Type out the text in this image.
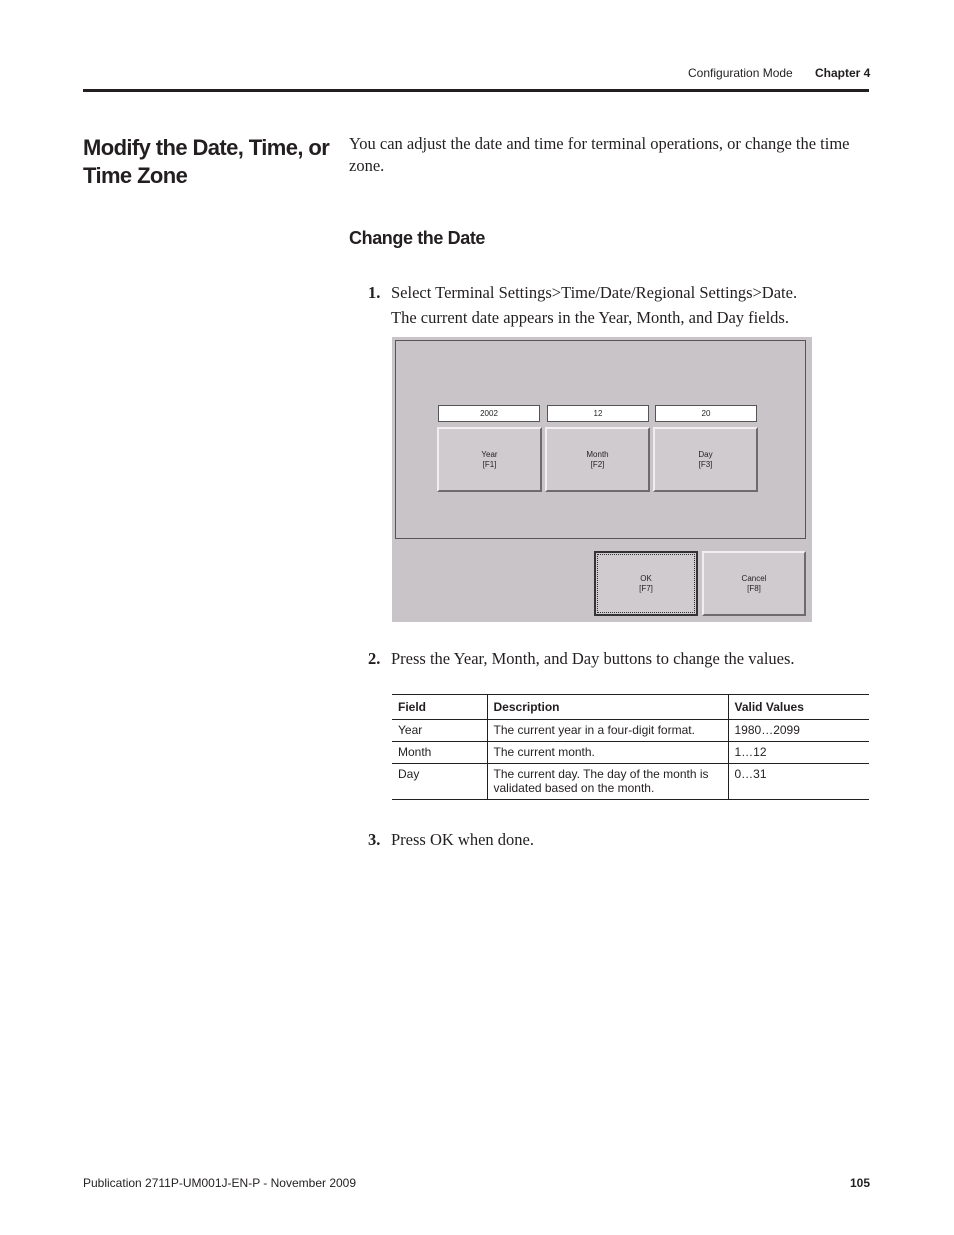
Configuration Mode Chapter 4
Modify the Date, Time, or Time Zone
You can adjust the date and time for terminal operations, or change the time zone.
Change the Date
1. Select Terminal Settings>Time/Date/Regional Settings>Date.
The current date appears in the Year, Month, and Day fields.
2002	12	20
Year
[F1]
Month
[F2]
Day
[F3]
OK
[F7]
Cancel
[F8]
2. Press the Year, Month, and Day buttons to change the values.
Field	Description	Valid Values
Year	The current year in a four-digit format.	1980…2099
Month	The current month.	1…12
Day	The current day. The day of the month is validated based on the month.	0…31
3. Press OK when done.
Publication 2711P-UM001J-EN-P - November 2009	105
